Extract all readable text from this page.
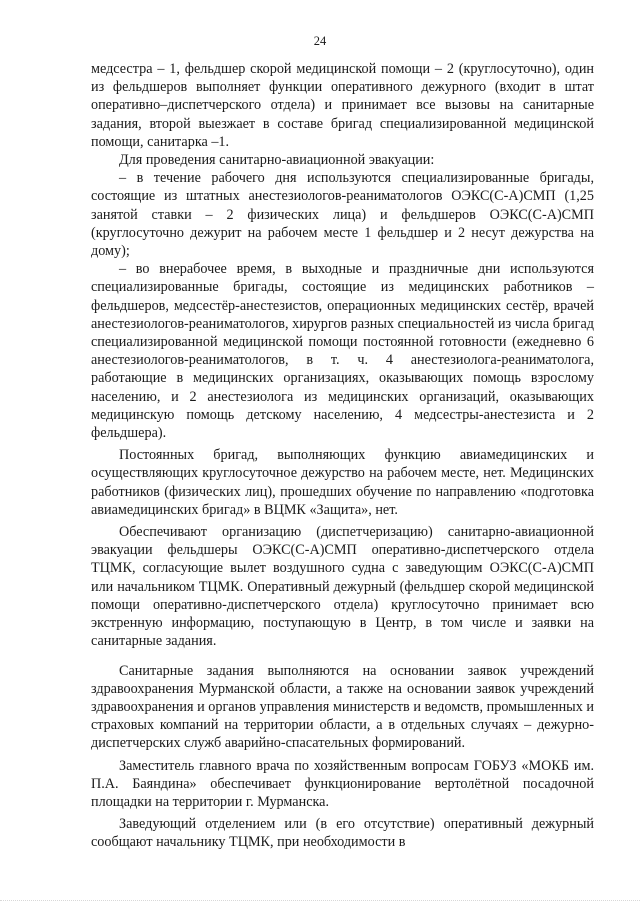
24

медсестра – 1, фельдшер скорой медицинской помощи – 2 (круглосуточно), один из фельдшеров выполняет функции оперативного дежурного (входит в штат оперативно–диспетчерского отдела) и принимает все вызовы на санитарные задания, второй выезжает в составе бригад специализированной медицинской помощи, санитарка –1.

Для проведения санитарно-авиационной эвакуации:

– в течение рабочего дня используются специализированные бригады, состоящие из штатных анестезиологов-реаниматологов ОЭКС(С-А)СМП (1,25 занятой ставки – 2 физических лица) и фельдшеров ОЭКС(С-А)СМП (круглосуточно дежурит на рабочем месте 1 фельдшер и 2 несут дежурства на дому);

– во внерабочее время, в выходные и праздничные дни используются специализированные бригады, состоящие из медицинских работников – фельдшеров, медсестёр-анестезистов, операционных медицинских сестёр, врачей анестезиологов-реаниматологов, хирургов разных специальностей из числа бригад специализированной медицинской помощи постоянной готовности (ежедневно 6 анестезиологов-реаниматологов, в т. ч. 4 анестезиолога-реаниматолога, работающие в медицинских организациях, оказывающих помощь взрослому населению, и 2 анестезиолога из медицинских организаций, оказывающих медицинскую помощь детскому населению, 4 медсестры-анестезиста и 2 фельдшера).

Постоянных бригад, выполняющих функцию авиамедицинских и осуществляющих круглосуточное дежурство на рабочем месте, нет. Медицинских работников (физических лиц), прошедших обучение по направлению «подготовка авиамедицинских бригад» в ВЦМК «Защита», нет.

Обеспечивают организацию (диспетчеризацию) санитарно-авиационной эвакуации фельдшеры ОЭКС(С-А)СМП оперативно-диспетчерского отдела ТЦМК, согласующие вылет воздушного судна с заведующим ОЭКС(С-А)СМП или начальником ТЦМК. Оперативный дежурный (фельдшер скорой медицинской помощи оперативно-диспетчерского отдела) круглосуточно принимает всю экстренную информацию, поступающую в Центр, в том числе и заявки на санитарные задания.

Санитарные задания выполняются на основании заявок учреждений здравоохранения Мурманской области, а также на основании заявок учреждений здравоохранения и органов управления министерств и ведомств, промышленных и страховых компаний на территории области, а в отдельных случаях – дежурно-диспетчерских служб аварийно-спасательных формирований.

Заместитель главного врача по хозяйственным вопросам ГОБУЗ «МОКБ им. П.А. Баяндина» обеспечивает функционирование вертолётной посадочной площадки на территории г. Мурманска.

Заведующий отделением или (в его отсутствие) оперативный дежурный сообщают начальнику ТЦМК, при необходимости в
